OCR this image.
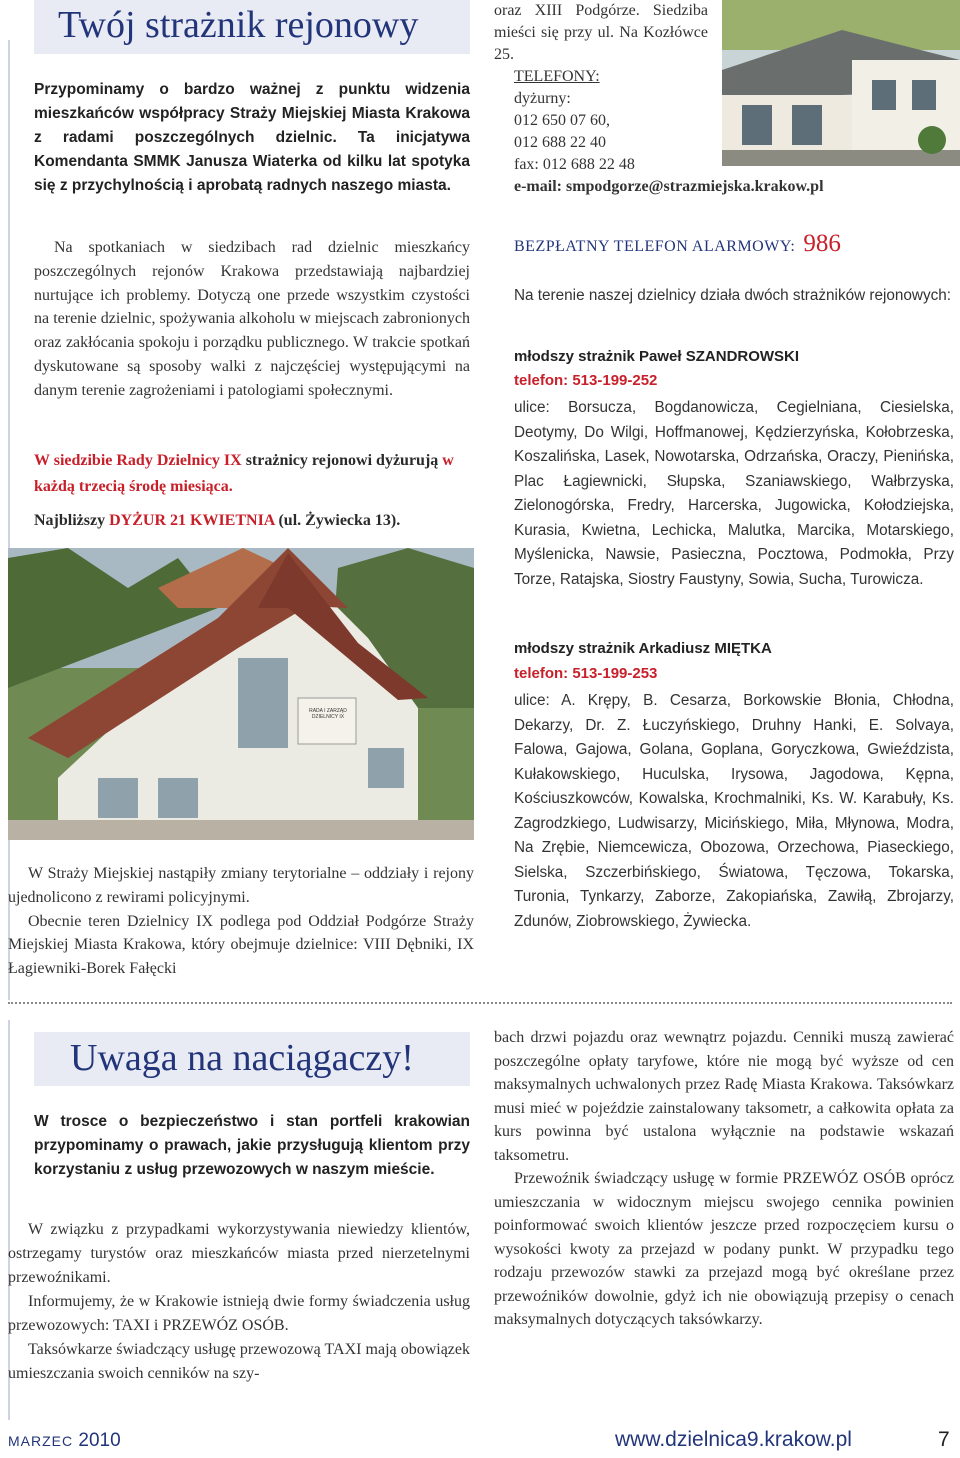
Twój strażnik rejonowy
Przypominamy o bardzo ważnej z punktu widzenia mieszkańców współpracy Straży Miejskiej Miasta Krakowa z radami poszczególnych dzielnic. Ta inicjatywa Komendanta SMMK Janusza Wiaterka od kilku lat spotyka się z przychylnością i aprobatą radnych naszego miasta.

Na spotkaniach w siedzibach rad dzielnic mieszkańcy poszczególnych rejonów Krakowa przedstawiają najbardziej nurtujące ich problemy. Dotyczą one przede wszystkim czystości na terenie dzielnic, spożywania alkoholu w miejscach zabronionych oraz zakłócania spokoju i porządku publicznego. W trakcie spotkań dyskutowane są sposoby walki z najczęściej występującymi na danym terenie zagrożeniami i patologiami społecznymi.

W siedzibie Rady Dzielnicy IX strażnicy rejonowi dyżurują w każdą trzecią środę miesiąca.
Najbliższy DYŻUR 21 KWIETNIA (ul. Żywiecka 13).
RADA I ZARZĄD DZIELNICY IX

W Straży Miejskiej nastąpiły zmiany terytorialne – oddziały i rejony ujednolicono z rewirami policyjnymi.

Obecnie teren Dzielnicy IX podlega pod Oddział Podgórze Straży Miejskiej Miasta Krakowa, który obejmuje dzielnice: VIII Dębniki, IX Łagiewniki-Borek Fałęcki

oraz XIII Podgórze. Siedziba mieści się przy ul. Na Kozłówce 25.
TELEFONY:
dyżurny:
012 650 07 60,
012 688 22 40
fax: 012 688 22 48
e-mail: smpodgorze@strazmiejska.krakow.pl
BEZPŁATNY TELEFON ALARMOWY: 986
Na terenie naszej dzielnicy działa dwóch strażników rejonowych:
młodszy strażnik Paweł SZANDROWSKI
telefon: 513-199-252
ulice: Borsucza, Bogdanowicza, Cegielniana, Ciesielska, Deotymy, Do Wilgi, Hoffmanowej, Kędzierzyńska, Kołobrzeska, Koszalińska, Lasek, Nowotarska, Odrzańska, Oraczy, Pienińska, Plac Łagiewnicki, Słupska, Szaniawskiego, Wałbrzyska, Zielonogórska, Fredry, Harcerska, Jugowicka, Kołodziejska, Kurasia, Kwietna, Lechicka, Malutka, Marcika, Motarskiego, Myślenicka, Nawsie, Pasieczna, Pocztowa, Podmokła, Przy Torze, Ratajska, Siostry Faustyny, Sowia, Sucha, Turowicza.
młodszy strażnik Arkadiusz MIĘTKA
telefon: 513-199-253
ulice: A. Krępy, B. Cesarza, Borkowskie Błonia, Chłodna, Dekarzy, Dr. Z. Łuczyńskiego, Druhny Hanki, E. Solvaya, Falowa, Gajowa, Golana, Goplana, Goryczkowa, Gwieździsta, Kułakowskiego, Huculska, Irysowa, Jagodowa, Kępna, Kościuszkowców, Kowalska, Krochmalniki, Ks. W. Karabuły, Ks. Zagrodzkiego, Ludwisarzy, Micińskiego, Miła, Młynowa, Modra, Na Zrębie, Niemcewicza, Obozowa, Orzechowa, Piaseckiego, Sielska, Szczerbińskiego, Światowa, Tęczowa, Tokarska, Turonia, Tynkarzy, Zaborze, Zakopiańska, Zawiłą, Zbrojarzy, Zdunów, Ziobrowskiego, Żywiecka.
Uwaga na naciągaczy!
W trosce o bezpieczeństwo i stan portfeli krakowian przypominamy o prawach, jakie przysługują klientom przy korzystaniu z usług przewozowych w naszym mieście.

W związku z przypadkami wykorzystywania niewiedzy klientów, ostrzegamy turystów oraz mieszkańców miasta przed nierzetelnymi przewoźnikami.

Informujemy, że w Krakowie istnieją dwie formy świadczenia usług przewozowych: TAXI i PRZEWÓZ OSÓB.

Taksówkarze świadczący usługę przewozową TAXI mają obowiązek umieszczania swoich cenników na szy-

bach drzwi pojazdu oraz wewnątrz pojazdu. Cenniki muszą zawierać poszczególne opłaty taryfowe, które nie mogą być wyższe od cen maksymalnych uchwalonych przez Radę Miasta Krakowa. Taksówkarz musi mieć w pojeździe zainstalowany taksometr, a całkowita opłata za kurs powinna być ustalona wyłącznie na podstawie wskazań taksometru.

Przewoźnik świadczący usługę w formie PRZEWÓZ OSÓB oprócz umieszczania w widocznym miejscu swojego cennika powinien poinformować swoich klientów jeszcze przed rozpoczęciem kursu o wysokości kwoty za przejazd w podany punkt. W przypadku tego rodzaju przewozów stawki za przejazd mogą być określane przez przewoźników dowolnie, gdyż ich nie obowiązują przepisy o cenach maksymalnych dotyczących taksówkarzy.

MARZEC 2010	www.dzielnica9.krakow.pl	7
